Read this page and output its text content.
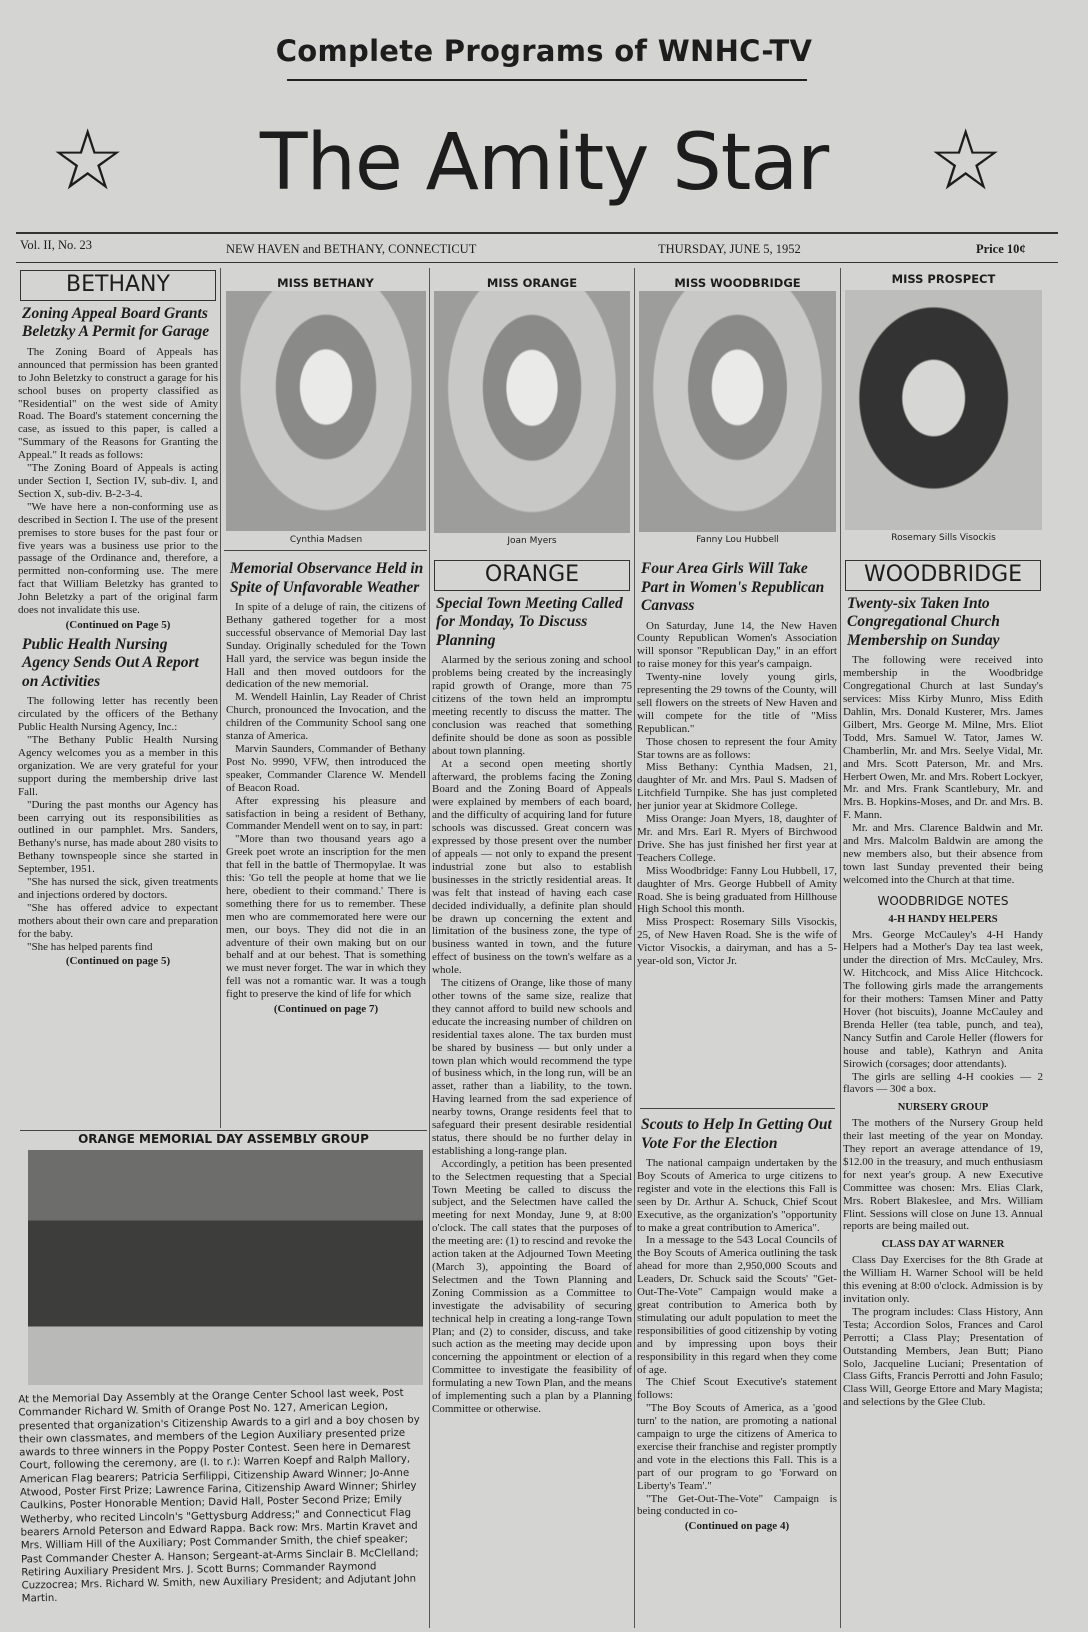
Complete Programs of WNHC-TV
☆	The Amity Star	☆
Vol. II, No. 23	NEW HAVEN and BETHANY, CONNECTICUT	THURSDAY, JUNE 5, 1952	Price 10¢
MISS BETHANY
Cynthia Madsen
MISS ORANGE
Joan Myers
MISS WOODBRIDGE
Fanny Lou Hubbell
MISS PROSPECT
Rosemary Sills Visockis
BETHANY
Zoning Appeal Board Grants Beletzky A Permit for Garage

The Zoning Board of Appeals has announced that permission has been granted to John Beletzky to construct a garage for his school buses on property classified as "Residential" on the west side of Amity Road. The Board's statement concerning the case, as issued to this paper, is called a "Summary of the Reasons for Granting the Appeal." It reads as follows:

"The Zoning Board of Appeals is acting under Section I, Section IV, sub-div. I, and Section X, sub-div. B-2-3-4.

"We have here a non-conforming use as described in Section I. The use of the present premises to store buses for the past four or five years was a business use prior to the passage of the Ordinance and, therefore, a permitted non-conforming use. The mere fact that William Beletzky has granted to John Beletzky a part of the original farm does not invalidate this use.

(Continued on Page 5)
Public Health Nursing Agency Sends Out A Report on Activities

The following letter has recently been circulated by the officers of the Bethany Public Health Nursing Agency, Inc.:

"The Bethany Public Health Nursing Agency welcomes you as a member in this organization. We are very grateful for your support during the membership drive last Fall.

"During the past months our Agency has been carrying out its responsibilities as outlined in our pamphlet. Mrs. Sanders, Bethany's nurse, has made about 280 visits to Bethany townspeople since she started in September, 1951.

"She has nursed the sick, given treatments and injections ordered by doctors.

"She has offered advice to expectant mothers about their own care and preparation for the baby.

"She has helped parents find

(Continued on page 5)
Memorial Observance Held in Spite of Unfavorable Weather

In spite of a deluge of rain, the citizens of Bethany gathered together for a most successful observance of Memorial Day last Sunday. Originally scheduled for the Town Hall yard, the service was begun inside the Hall and then moved outdoors for the dedication of the new memorial.

M. Wendell Hainlin, Lay Reader of Christ Church, pronounced the Invocation, and the children of the Community School sang one stanza of America.

Marvin Saunders, Commander of Bethany Post No. 9990, VFW, then introduced the speaker, Commander Clarence W. Mendell of Beacon Road.

After expressing his pleasure and satisfaction in being a resident of Bethany, Commander Mendell went on to say, in part:

"More than two thousand years ago a Greek poet wrote an inscription for the men that fell in the battle of Thermopylae. It was this: 'Go tell the people at home that we lie here, obedient to their command.' There is something there for us to remember. These men who are commemorated here were our men, our boys. They did not die in an adventure of their own making but on our behalf and at our behest. That is something we must never forget. The war in which they fell was not a romantic war. It was a tough fight to preserve the kind of life for which

(Continued on page 7)
ORANGE MEMORIAL DAY ASSEMBLY GROUP
At the Memorial Day Assembly at the Orange Center School last week, Post Commander Richard W. Smith of Orange Post No. 127, American Legion, presented that organization's Citizenship Awards to a girl and a boy chosen by their own classmates, and members of the Legion Auxiliary presented prize awards to three winners in the Poppy Poster Contest. Seen here in Demarest Court, following the ceremony, are (l. to r.): Warren Koepf and Ralph Mallory, American Flag bearers; Patricia Serfilippi, Citizenship Award Winner; Jo-Anne Atwood, Poster First Prize; Lawrence Farina, Citizenship Award Winner; Shirley Caulkins, Poster Honorable Mention; David Hall, Poster Second Prize; Emily Wetherby, who recited Lincoln's "Gettysburg Address;" and Connecticut Flag bearers Arnold Peterson and Edward Rappa. Back row: Mrs. Martin Kravet and Mrs. William Hill of the Auxiliary; Post Commander Smith, the chief speaker; Past Commander Chester A. Hanson; Sergeant-at-Arms Sinclair B. McClelland; Retiring Auxiliary President Mrs. J. Scott Burns; Commander Raymond Cuzzocrea; Mrs. Richard W. Smith, new Auxiliary President; and Adjutant John Martin.
ORANGE
Special Town Meeting Called for Monday, To Discuss Planning

Alarmed by the serious zoning and school problems being created by the increasingly rapid growth of Orange, more than 75 citizens of the town held an impromptu meeting recently to discuss the matter. The conclusion was reached that something definite should be done as soon as possible about town planning.

At a second open meeting shortly afterward, the problems facing the Zoning Board and the Zoning Board of Appeals were explained by members of each board, and the difficulty of acquiring land for future schools was discussed. Great concern was expressed by those present over the number of appeals — not only to expand the present industrial zone but also to establish businesses in the strictly residential areas. It was felt that instead of having each case decided individually, a definite plan should be drawn up concerning the extent and limitation of the business zone, the type of business wanted in town, and the future effect of business on the town's welfare as a whole.

The citizens of Orange, like those of many other towns of the same size, realize that they cannot afford to build new schools and educate the increasing number of children on residential taxes alone. The tax burden must be shared by business — but only under a town plan which would recommend the type of business which, in the long run, will be an asset, rather than a liability, to the town. Having learned from the sad experience of nearby towns, Orange residents feel that to safeguard their present desirable residential status, there should be no further delay in establishing a long-range plan.

Accordingly, a petition has been presented to the Selectmen requesting that a Special Town Meeting be called to discuss the subject, and the Selectmen have called the meeting for next Monday, June 9, at 8:00 o'clock. The call states that the purposes of the meeting are: (1) to rescind and revoke the action taken at the Adjourned Town Meeting (March 3), appointing the Board of Selectmen and the Town Planning and Zoning Commission as a Committee to investigate the advisability of securing technical help in creating a long-range Town Plan; and (2) to consider, discuss, and take such action as the meeting may decide upon concerning the appointment or election of a Committee to investigate the feasibility of formulating a new Town Plan, and the means of implementing such a plan by a Planning Committee or otherwise.

Four Area Girls Will Take Part in Women's Republican Canvass

On Saturday, June 14, the New Haven County Republican Women's Association will sponsor "Republican Day," in an effort to raise money for this year's campaign.

Twenty-nine lovely young girls, representing the 29 towns of the County, will sell flowers on the streets of New Haven and will compete for the title of "Miss Republican."

Those chosen to represent the four Amity Star towns are as follows:

Miss Bethany: Cynthia Madsen, 21, daughter of Mr. and Mrs. Paul S. Madsen of Litchfield Turnpike. She has just completed her junior year at Skidmore College.

Miss Orange: Joan Myers, 18, daughter of Mr. and Mrs. Earl R. Myers of Birchwood Drive. She has just finished her first year at Teachers College.

Miss Woodbridge: Fanny Lou Hubbell, 17, daughter of Mrs. George Hubbell of Amity Road. She is being graduated from Hillhouse High School this month.

Miss Prospect: Rosemary Sills Visockis, 25, of New Haven Road. She is the wife of Victor Visockis, a dairyman, and has a 5-year-old son, Victor Jr.

Scouts to Help In Getting Out Vote For the Election

The national campaign undertaken by the Boy Scouts of America to urge citizens to register and vote in the elections this Fall is seen by Dr. Arthur A. Schuck, Chief Scout Executive, as the organization's "opportunity to make a great contribution to America".

In a message to the 543 Local Councils of the Boy Scouts of America outlining the task ahead for more than 2,950,000 Scouts and Leaders, Dr. Schuck said the Scouts' "Get-Out-The-Vote" Campaign would make a great contribution to America both by stimulating our adult population to meet the responsibilities of good citizenship by voting and by impressing upon boys their responsibility in this regard when they come of age.

The Chief Scout Executive's statement follows:

"The Boy Scouts of America, as a 'good turn' to the nation, are promoting a national campaign to urge the citizens of America to exercise their franchise and register promptly and vote in the elections this Fall. This is a part of our program to go 'Forward on Liberty's Team'."

"The Get-Out-The-Vote" Campaign is being conducted in co-

(Continued on page 4)
WOODBRIDGE
Twenty-six Taken Into Congregational Church Membership on Sunday

The following were received into membership in the Woodbridge Congregational Church at last Sunday's services: Miss Kirby Munro, Miss Edith Dahlin, Mrs. Donald Kusterer, Mrs. James Gilbert, Mrs. George M. Milne, Mrs. Eliot Todd, Mrs. Samuel W. Tator, James W. Chamberlin, Mr. and Mrs. Seelye Vidal, Mr. and Mrs. Scott Paterson, Mr. and Mrs. Herbert Owen, Mr. and Mrs. Robert Lockyer, Mr. and Mrs. Frank Scantlebury, Mr. and Mrs. B. Hopkins-Moses, and Dr. and Mrs. B. F. Mann.

Mr. and Mrs. Clarence Baldwin and Mr. and Mrs. Malcolm Baldwin are among the new members also, but their absence from town last Sunday prevented their being welcomed into the Church at that time.

WOODBRIDGE NOTES
4-H HANDY HELPERS

Mrs. George McCauley's 4-H Handy Helpers had a Mother's Day tea last week, under the direction of Mrs. McCauley, Mrs. W. Hitchcock, and Miss Alice Hitchcock. The following girls made the arrangements for their mothers: Tamsen Miner and Patty Hover (hot biscuits), Joanne McCauley and Brenda Heller (tea table, punch, and tea), Nancy Sutfin and Carole Heller (flowers for house and table), Kathryn and Anita Sirowich (corsages; door attendants).

The girls are selling 4-H cookies — 2 flavors — 30¢ a box.

NURSERY GROUP

The mothers of the Nursery Group held their last meeting of the year on Monday. They report an average attendance of 19, $12.00 in the treasury, and much enthusiasm for next year's group. A new Executive Committee was chosen: Mrs. Elias Clark, Mrs. Robert Blakeslee, and Mrs. William Flint. Sessions will close on June 13. Annual reports are being mailed out.

CLASS DAY AT WARNER

Class Day Exercises for the 8th Grade at the William H. Warner School will be held this evening at 8:00 o'clock. Admission is by invitation only.

The program includes: Class History, Ann Testa; Accordion Solos, Frances and Carol Perrotti; a Class Play; Presentation of Outstanding Members, Jean Butt; Piano Solo, Jacqueline Luciani; Presentation of Class Gifts, Francis Perrotti and John Fasulo; Class Will, George Ettore and Mary Magista; and selections by the Glee Club.
